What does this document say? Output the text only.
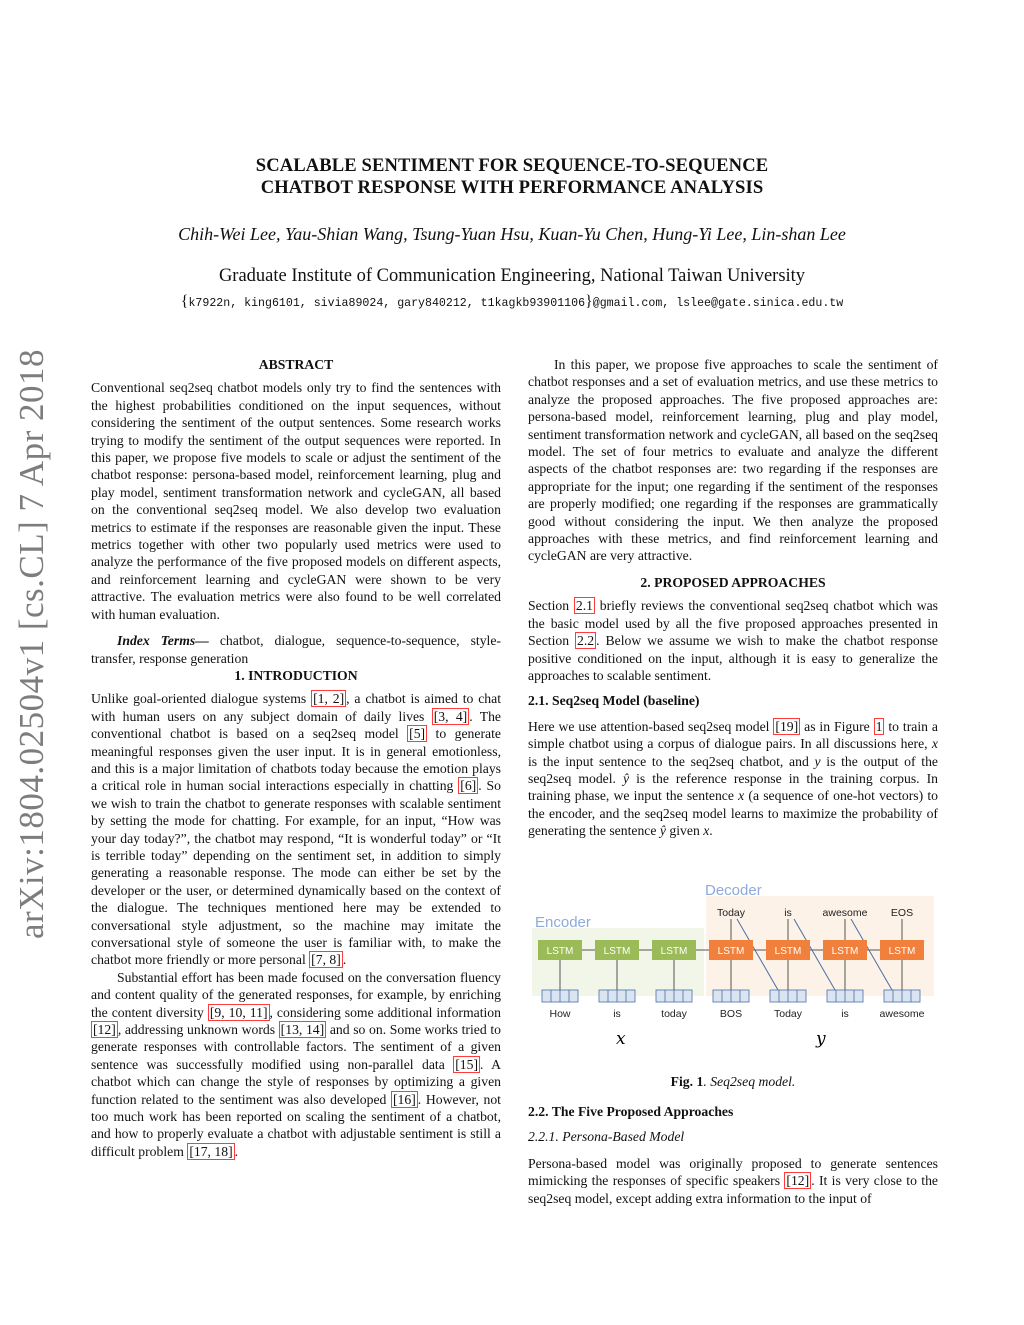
arXiv:1804.02504v1 [cs.CL] 7 Apr 2018
SCALABLE SENTIMENT FOR SEQUENCE-TO-SEQUENCE
CHATBOT RESPONSE WITH PERFORMANCE ANALYSIS
Chih-Wei Lee, Yau-Shian Wang, Tsung-Yuan Hsu, Kuan-Yu Chen, Hung-Yi Lee, Lin-shan Lee
Graduate Institute of Communication Engineering, National Taiwan University
{k7922n, king6101, sivia89024, gary840212, t1kagkb93901106}@gmail.com, lslee@gate.sinica.edu.tw
ABSTRACT

Conventional seq2seq chatbot models only try to find the sentences with the highest probabilities conditioned on the input sequences, without considering the sentiment of the output sentences. Some research works trying to modify the sentiment of the output sequences were reported. In this paper, we propose five models to scale or adjust the sentiment of the chatbot response: persona-based model, reinforcement learning, plug and play model, sentiment transformation network and cycleGAN, all based on the conventional seq2seq model. We also develop two evaluation metrics to estimate if the responses are reasonable given the input. These metrics together with other two popularly used metrics were used to analyze the performance of the five proposed models on different aspects, and reinforcement learning and cycleGAN were shown to be very attractive. The evaluation metrics were also found to be well correlated with human evaluation.

Index Terms— chatbot, dialogue, sequence-to-sequence, style-transfer, response generation

1. INTRODUCTION

Unlike goal-oriented dialogue systems [1, 2] , a chatbot is aimed to chat with human users on any subject domain of daily lives [3, 4] . The conventional chatbot is based on a seq2seq model [5] to generate meaningful responses given the user input. It is in general emotionless, and this is a major limitation of chatbots today because the emotion plays a critical role in human social interactions especially in chatting [6] . So we wish to train the chatbot to generate responses with scalable sentiment by setting the mode for chatting. For example, for an input, “How was your day today?”, the chatbot may respond, “It is wonderful today” or “It is terrible today” depending on the sentiment set, in addition to simply generating a reasonable response. The mode can either be set by the developer or the user, or determined dynamically based on the context of the dialogue. The techniques mentioned here may be extended to conversational style adjustment, so the machine may imitate the conversational style of someone the user is familiar with, to make the chatbot more friendly or more personal [7, 8] .

Substantial effort has been made focused on the conversation fluency and content quality of the generated responses, for example, by enriching the content diversity [9, 10, 11] , considering some additional information [12] , addressing unknown words [13, 14] and so on. Some works tried to generate responses with controllable factors. The sentiment of a given sentence was successfully modified using non-parallel data [15] . A chatbot which can change the style of responses by optimizing a given function related to the sentiment was also developed [16] . However, not too much work has been reported on scaling the sentiment of a chatbot, and how to properly evaluate a chatbot with adjustable sentiment is still a difficult problem [17, 18] .

In this paper, we propose five approaches to scale the sentiment of chatbot responses and a set of evaluation metrics, and use these metrics to analyze the proposed approaches. The five proposed approaches are: persona-based model, reinforcement learning, plug and play model, sentiment transformation network and cycleGAN, all based on the seq2seq model. The set of four metrics to evaluate and analyze the different aspects of the chatbot responses are: two regarding if the responses are appropriate for the input; one regarding if the sentiment of the responses are properly modified; one regarding if the responses are grammatically good without considering the input. We then analyze the proposed approaches with these metrics, and find reinforcement learning and cycleGAN are very attractive.

2. PROPOSED APPROACHES

Section 2.1 briefly reviews the conventional seq2seq chatbot which was the basic model used by all the five proposed approaches presented in Section 2.2 . Below we assume we wish to make the chatbot response positive conditioned on the input, although it is easy to generalize the approaches to scalable sentiment.

2.1. Seq2seq Model (baseline)

Here we use attention-based seq2seq model [19] as in Figure 1 to train a simple chatbot using a corpus of dialogue pairs. In all discussions here, x is the input sentence to the seq2seq chatbot, and y is the output of the seq2seq model. ŷ is the reference response in the training corpus. In training phase, we input the sentence x (a sequence of one-hot vectors) to the encoder, and the seq2seq model learns to maximize the probability of generating the sentence ŷ given x.

Encoder
Decoder
LSTM
How
LSTM
is
LSTM
today
LSTM
BOS
Today
LSTM
Today
is
LSTM
is
awesome
LSTM
awesome
EOS
x	y
Fig. 1. Seq2seq model.
2.2. The Five Proposed Approaches
2.2.1. Persona-Based Model

Persona-based model was originally proposed to generate sentences mimicking the responses of specific speakers [12] . It is very close to the seq2seq model, except adding extra information to the input of
